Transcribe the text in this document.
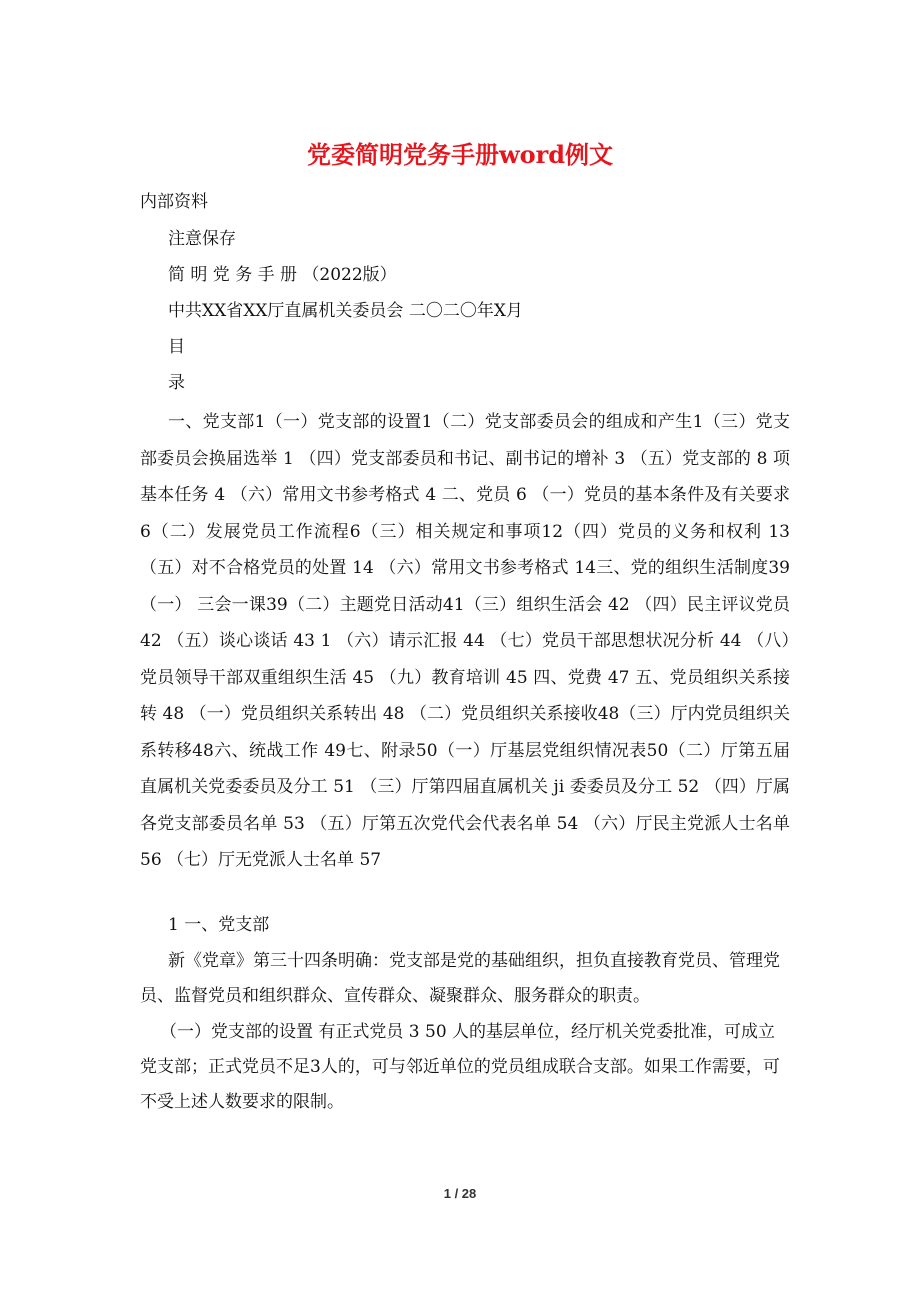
党委简明党务手册word例文
内部资料
注意保存
简 明 党 务 手 册 （2022版）
中共XX省XX厅直属机关委员会 二〇二〇年X月
目
录
一、党支部1（一）党支部的设置1（二）党支部委员会的组成和产生1（三）党支部委员会换届选举 1 （四）党支部委员和书记、副书记的增补 3 （五）党支部的 8 项基本任务 4 （六）常用文书参考格式 4 二、党员 6 （一）党员的基本条件及有关要求6（二）发展党员工作流程6（三）相关规定和事项12（四）党员的义务和权利 13 （五）对不合格党员的处置 14 （六）常用文书参考格式 14三、党的组织生活制度39（一） 三会一课39（二）主题党日活动41（三）组织生活会 42 （四）民主评议党员 42 （五）谈心谈话 43 1 （六）请示汇报 44 （七）党员干部思想状况分析 44 （八）党员领导干部双重组织生活 45 （九）教育培训 45 四、党费 47 五、党员组织关系接转 48 （一）党员组织关系转出 48 （二）党员组织关系接收48（三）厅内党员组织关系转移48六、统战工作 49七、附录50（一）厅基层党组织情况表50（二）厅第五届直属机关党委委员及分工 51 （三）厅第四届直属机关 ji 委委员及分工 52 （四）厅属各党支部委员名单 53 （五）厅第五次党代会代表名单 54 （六）厅民主党派人士名单 56 （七）厅无党派人士名单 57
1 一、党支部
新《党章》第三十四条明确：党支部是党的基础组织，担负直接教育党员、管理党员、监督党员和组织群众、宣传群众、凝聚群众、服务群众的职责。
（一）党支部的设置 有正式党员 3 50 人的基层单位，经厅机关党委批准，可成立党支部；正式党员不足3人的，可与邻近单位的党员组成联合支部。如果工作需要，可不受上述人数要求的限制。
1 / 28
